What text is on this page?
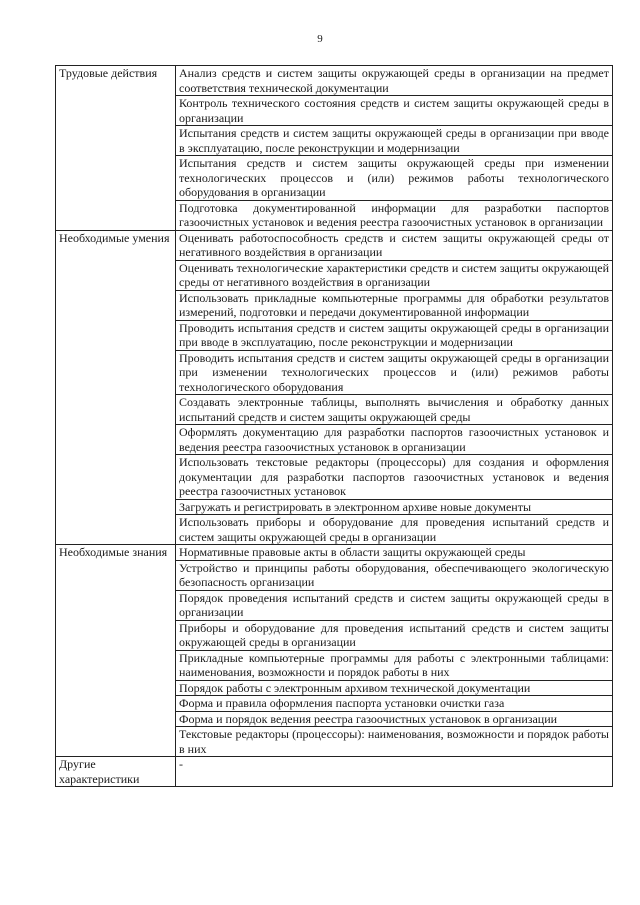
9
Трудовые действия	Анализ средств и систем защиты окружающей среды в организации на предмет соответствия технической документации
	Контроль технического состояния средств и систем защиты окружающей среды в организации
	Испытания средств и систем защиты окружающей среды в организации при вводе в эксплуатацию, после реконструкции и модернизации
	Испытания средств и систем защиты окружающей среды при изменении технологических процессов и (или) режимов работы технологического оборудования в организации
	Подготовка документированной информации для разработки паспортов газоочистных установок и ведения реестра газоочистных установок в организации
Необходимые умения	Оценивать работоспособность средств и систем защиты окружающей среды от негативного воздействия в организации
	Оценивать технологические характеристики средств и систем защиты окружающей среды от негативного воздействия в организации
	Использовать прикладные компьютерные программы для обработки результатов измерений, подготовки и передачи документированной информации
	Проводить испытания средств и систем защиты окружающей среды в организации при вводе в эксплуатацию, после реконструкции и модернизации
	Проводить испытания средств и систем защиты окружающей среды в организации при изменении технологических процессов и (или) режимов работы технологического оборудования
	Создавать электронные таблицы, выполнять вычисления и обработку данных испытаний средств и систем защиты окружающей среды
	Оформлять документацию для разработки паспортов газоочистных установок и ведения реестра газоочистных установок в организации
	Использовать текстовые редакторы (процессоры) для создания и оформления документации для разработки паспортов газоочистных установок и ведения реестра газоочистных установок
	Загружать и регистрировать в электронном архиве новые документы
	Использовать приборы и оборудование для проведения испытаний средств и систем защиты окружающей среды в организации
Необходимые знания	Нормативные правовые акты в области защиты окружающей среды
	Устройство и принципы работы оборудования, обеспечивающего экологическую безопасность организации
	Порядок проведения испытаний средств и систем защиты окружающей среды в организации
	Приборы и оборудование для проведения испытаний средств и систем защиты окружающей среды в организации
	Прикладные компьютерные программы для работы с электронными таблицами: наименования, возможности и порядок работы в них
	Порядок работы с электронным архивом технической документации
	Форма и правила оформления паспорта установки очистки газа
	Форма и порядок ведения реестра газоочистных установок в организации
	Текстовые редакторы (процессоры): наименования, возможности и порядок работы в них
Другие характеристики	-
